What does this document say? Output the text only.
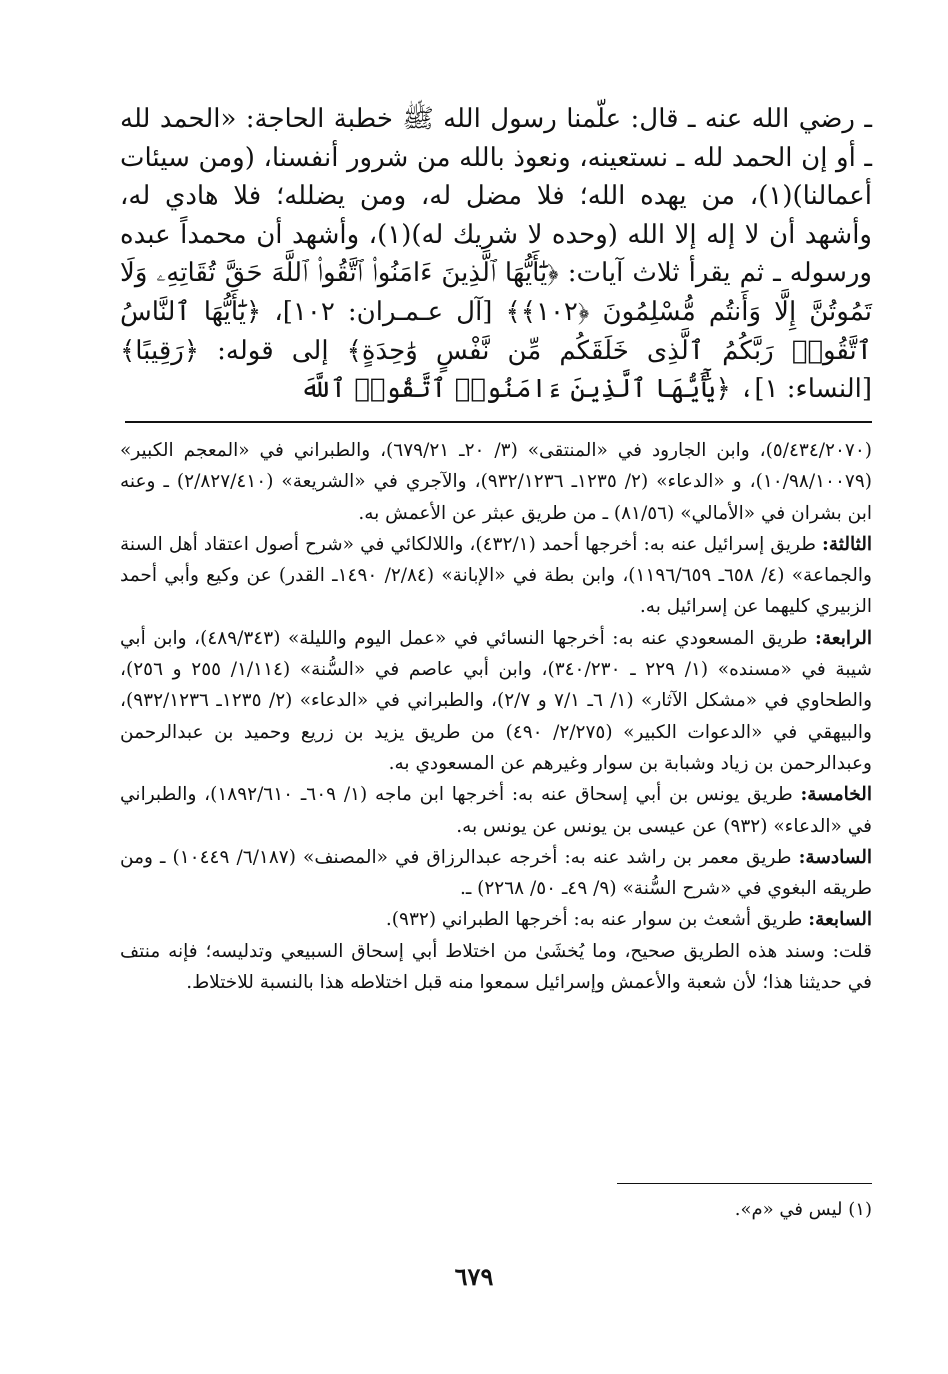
ـ رضي الله عنه ـ قال: علّمنا رسول الله ﷺ خطبة الحاجة: «الحمد لله ـ أو إن الحمد لله ـ نستعينه، ونعوذ بالله من شرور أنفسنا، (ومن سيئات أعمالنا)(١)، من يهده الله؛ فلا مضل له، ومن يضلله؛ فلا هادي له، وأشهد أن لا إله إلا الله (وحده لا شريك له)(١)، وأشهد أن محمداً عبده ورسوله ـ ثم يقرأ ثلاث آيات: ﴿يَٰٓأَيُّهَا ٱلَّذِينَ ءَامَنُوا۟ ٱتَّقُوا۟ ٱللَّهَ حَقَّ تُقَاتِهِۦ وَلَا تَمُوتُنَّ إِلَّا وَأَنتُم مُّسْلِمُونَ ﴿١٠٢﴾﴾ [آل عـمـران: ١٠٢]، ﴿يَٰٓأَيُّهَا ٱلنَّاسُ ٱتَّقُوا۟ رَبَّكُمُ ٱلَّذِى خَلَقَكُم مِّن نَّفْسٍ وَٰحِدَةٍ﴾ إلى قوله: ﴿رَقِيبًا﴾ [النساء: ١]، ﴿يَٰٓأَيُّهَا ٱلَّذِينَ ءَامَنُوا۟ ٱتَّقُوا۟ ٱللَّهَ

(٥/٤٣٤/٢٠٧٠)، وابن الجارود في «المنتقى» (٣/ ٢٠ـ ٦٧٩/٢١)، والطبراني في «المعجم الكبير» (١٠/٩٨/١٠٠٧٩)، و «الدعاء» (٢/ ١٢٣٥ـ ٩٣٢/١٢٣٦)، والآجري في «الشريعة» (٢/٨٢٧/٤١٠) ـ وعنه ابن بشران في «الأمالي» (٨١/٥٦) ـ من طريق عبثر عن الأعمش به.

الثالثة: طريق إسرائيل عنه به: أخرجها أحمد (٤٣٢/١)، واللالكائي في «شرح أصول اعتقاد أهل السنة والجماعة» (٤/ ٦٥٨ـ ١١٩٦/٦٥٩)، وابن بطة في «الإبانة» (٢/٨٤/ ١٤٩٠ـ القدر) عن وكيع وأبي أحمد الزبيري كليهما عن إسرائيل به.

الرابعة: طريق المسعودي عنه به: أخرجها النسائي في «عمل اليوم والليلة» (٤٨٩/٣٤٣)، وابن أبي شيبة في «مسنده» (١/ ٢٢٩ ـ ٣٤٠/٢٣٠)، وابن أبي عاصم في «السُّنة» (١/١١٤/ ٢٥٥ و ٢٥٦)، والطحاوي في «مشكل الآثار» (١/ ٦ـ ٧/١ و ٢/٧)، والطبراني في «الدعاء» (٢/ ١٢٣٥ـ ٩٣٢/١٢٣٦)، والبيهقي في «الدعوات الكبير» (٢/٢٧٥/ ٤٩٠) من طريق يزيد بن زريع وحميد بن عبدالرحمن وعبدالرحمن بن زياد وشبابة بن سوار وغيرهم عن المسعودي به.

الخامسة: طريق يونس بن أبي إسحاق عنه به: أخرجها ابن ماجه (١/ ٦٠٩ـ ١٨٩٢/٦١٠)، والطبراني في «الدعاء» (٩٣٢) عن عيسى بن يونس عن يونس به.

السادسة: طريق معمر بن راشد عنه به: أخرجه عبدالرزاق في «المصنف» (٦/١٨٧/ ١٠٤٤٩) ـ ومن طريقه البغوي في «شرح السُّنة» (٩/ ٤٩ـ ٥٠/ ٢٢٦٨) ـ.

السابعة: طريق أشعث بن سوار عنه به: أخرجها الطبراني (٩٣٢).

قلت: وسند هذه الطريق صحيح، وما يُخشَىٰ من اختلاط أبي إسحاق السبيعي وتدليسه؛ فإنه منتف في حديثنا هذا؛ لأن شعبة والأعمش وإسرائيل سمعوا منه قبل اختلاطه هذا بالنسبة للاختلاط.

(١) ليس في «م».
٦٧٩
